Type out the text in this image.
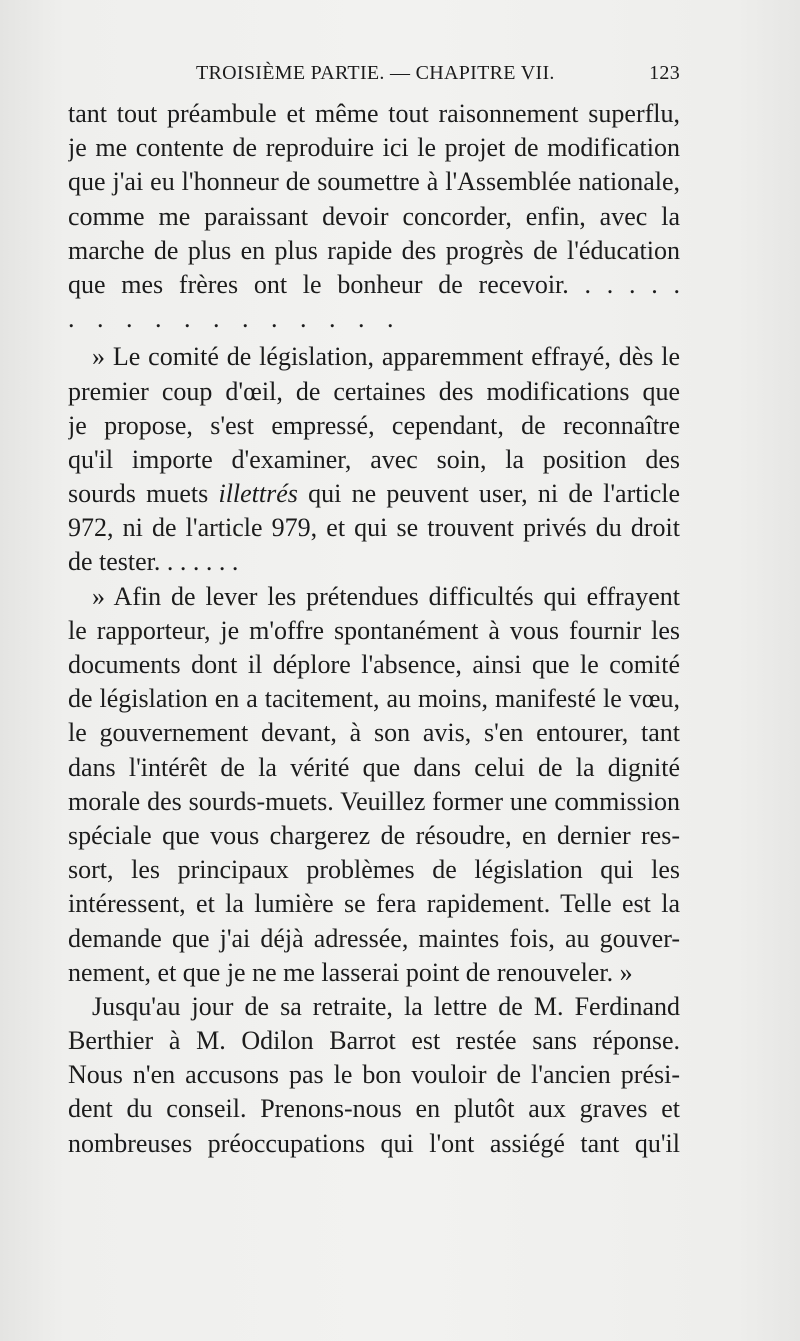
TROISIÈME PARTIE. — CHAPITRE VII.	123
tant tout préambule et même tout raisonnement superflu,
je me contente de reproduire ici le projet de modification
que j'ai eu l'honneur de soumettre à l'Assemblée nationale,
comme me paraissant devoir concorder, enfin, avec la
marche de plus en plus rapide des progrès de l'éducation
que mes frères ont le bonheur de recevoir. . . . . .
. . . . . . . . . . . .
» Le comité de législation, apparemment effrayé, dès le
premier coup d'œil, de certaines des modifications que
je propose, s'est empressé, cependant, de reconnaître
qu'il importe d'examiner, avec soin, la position des
sourds muets illettrés qui ne peuvent user, ni de l'article
972, ni de l'article 979, et qui se trouvent privés du droit
de tester. . . . . . .
» Afin de lever les prétendues difficultés qui effrayent
le rapporteur, je m'offre spontanément à vous fournir les
documents dont il déplore l'absence, ainsi que le comité
de législation en a tacitement, au moins, manifesté le vœu,
le gouvernement devant, à son avis, s'en entourer, tant
dans l'intérêt de la vérité que dans celui de la dignité
morale des sourds-muets. Veuillez former une commission
spéciale que vous chargerez de résoudre, en dernier res-
sort, les principaux problèmes de législation qui les
intéressent, et la lumière se fera rapidement. Telle est la
demande que j'ai déjà adressée, maintes fois, au gouver-
nement, et que je ne me lasserai point de renouveler. »
Jusqu'au jour de sa retraite, la lettre de M. Ferdinand
Berthier à M. Odilon Barrot est restée sans réponse.
Nous n'en accusons pas le bon vouloir de l'ancien prési-
dent du conseil. Prenons-nous en plutôt aux graves et
nombreuses préoccupations qui l'ont assiégé tant qu'il
